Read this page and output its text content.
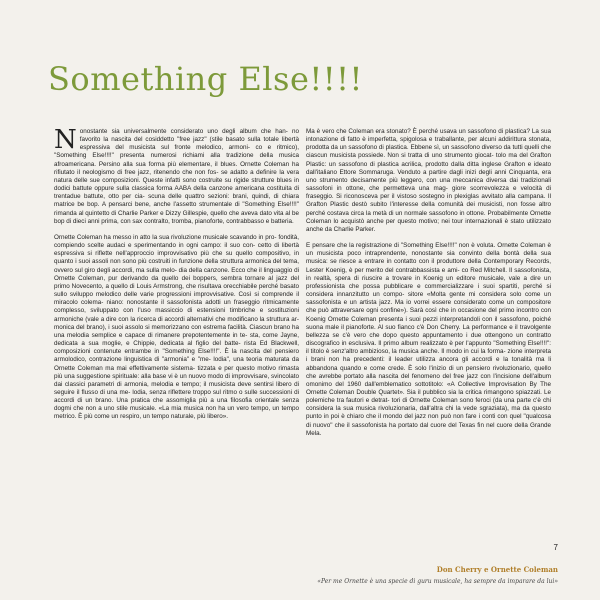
Something Else!!!!

Nonostante sia universalmente considerato uno degli album che han- no favorito la nascita del cosiddetto "free jazz" (stile basato sulla totale libertà espressiva del musicista sul fronte melodico, armoni- co e ritmico), "Something Else!!!!" presenta numerosi richiami alla tradizione della musica afroamericana. Persino alla sua forma più elementare, il blues. Ornette Coleman ha rifiutato il neologismo di free jazz, ritenendo che non fos- se adatto a definire la vera natura delle sue composizioni. Queste infatti sono costruite su rigide strutture blues in dodici battute oppure sulla classica forma AABA della canzone americana costituita di trentadue battute, otto per cia- scuna delle quattro sezioni: brani, quindi, di chiara matrice be bop. A pensarci bene, anche l'assetto strumentale di "Something Else!!!!" rimanda al quintetto di Charlie Parker e Dizzy Gillespie, quello che aveva dato vita al be bop di dieci anni prima, con sax contralto, tromba, pianoforte, contrabbasso e batteria.

Ornette Coleman ha messo in atto la sua rivoluzione musicale scavando in pro- fondità, compiendo scelte audaci e sperimentando in ogni campo: il suo con- cetto di libertà espressiva si riflette nell'approccio improvvisativo più che su quello compositivo, in quanto i suoi assoli non sono più costruiti in funzione della struttura armonica del tema, ovvero sul giro degli accordi, ma sulla melo- dia della canzone. Ecco che il linguaggio di Ornette Coleman, pur derivando da quello dei boppers, sembra tornare al jazz del primo Novecento, a quello di Louis Armstrong, che risultava orecchiabile perché basato sullo sviluppo melodico delle varie progressioni improvvisative. Così si comprende il miracolo colema- niano: nonostante il sassofonista adotti un fraseggio ritmicamente complesso, sviluppato con l'uso massiccio di estensioni timbriche e sostituzioni armoniche (vale a dire con la ricerca di accordi alternativi che modificano la struttura ar- monica del brano), i suoi assolo si memorizzano con estrema facilità. Ciascun brano ha una melodia semplice e capace di rimanere prepotentemente in te- sta, come Jayne, dedicata a sua moglie, e Chippie, dedicata al figlio del batte- rista Ed Blackwell, composizioni contenute entrambe in "Something Else!!!!". È la nascita del pensiero armolodico, contrazione linguistica di "armonia" e "me- lodia", una teoria maturata da Ornette Coleman ma mai effettivamente sistema- tizzata e per questo motivo rimasta più una suggestione spirituale: alla base vi è un nuovo modo di improvvisare, svincolato dai classici parametri di armonia, melodia e tempo; il musicista deve sentirsi libero di seguire il flusso di una me- lodia, senza riflettere troppo sul ritmo o sulle successioni di accordi di un brano. Una pratica che assomiglia più a una filosofia orientale senza dogmi che non a uno stile musicale. «La mia musica non ha un vero tempo, un tempo metrico. È più come un respiro, un tempo naturale, più libero».

Ma è vero che Coleman era stonato? È perché usava un sassofono di plastica? La sua intonazione di fatto è imperfetta, spigolosa e traballante, per alcuni addirittura stonata, prodotta da un sassofono di plastica. Ebbene sì, un sassofono diverso da tutti quelli che ciascun musicista possiede. Non si tratta di uno strumento giocat- tolo ma del Grafton Plastic: un sassofono di plastica acrilica, prodotto dalla ditta inglese Grafton e ideato dall'italiano Ettore Sommaruga. Venduto a partire dagli inizi degli anni Cinquanta, era uno strumento decisamente più leggero, con una meccanica diversa dai tradizionali sassofoni in ottone, che permetteva una mag- giore scorrevolezza e velocità di fraseggio. Si riconosceva per il vistoso sostegno in plexiglas avvitato alla campana. Il Grafton Plastic destò subito l'interesse della comunità dei musicisti, non fosse altro perché costava circa la metà di un normale sassofono in ottone. Probabilmente Ornette Coleman lo acquistò anche per questo motivo; nei tour internazionali è stato utilizzato anche da Charlie Parker.

E pensare che la registrazione di "Something Else!!!!" non è voluta. Ornette Coleman è un musicista poco intraprendente, nonostante sia convinto della bontà della sua musica: se riesce a entrare in contatto con il produttore della Contemporary Records, Lester Koenig, è per merito del contrabbassista e ami- co Red Mitchell. Il sassofonista, in realtà, spera di riuscire a trovare in Koenig un editore musicale, vale a dire un professionista che possa pubblicare e commercializzare i suoi spartiti, perché si considera innanzitutto un compo- sitore «Molta gente mi considera solo come un sassofonista e un artista jazz. Ma io vorrei essere considerato come un compositore che può attraversare ogni confine»). Sarà così che in occasione del primo incontro con Koenig Ornette Coleman presenta i suoi pezzi interpretandoli con il sassofono, poiché suona male il pianoforte. Al suo fianco c'è Don Cherry. La performance e il travolgente bellezza se c'è vero che dopo questo appuntamento i due ottengono un contratto discografico in esclusiva. Il primo album realizzato è per l'appunto "Something Else!!!!": il titolo è senz'altro ambizioso, la musica anche. Il modo in cui la forma- zione interpreta i brani non ha precedenti: il leader utilizza ancora gli accordi e la tonalità ma li abbandona quando e come crede. È solo l'inizio di un pensiero rivoluzionario, quello che avrebbe portato alla nascita del fenomeno del free jazz con l'incisione dell'album omonimo del 1960 dall'emblematico sottotitolo: «A Collective Improvisation By The Ornette Coleman Double Quartet». Sia il pubblico sia la critica rimangono spiazzati. Le polemiche tra fautori e detrat- tori di Ornette Coleman sono feroci (da una parte c'è chi considera la sua musica rivoluzionaria, dall'altra chi la vede sgraziata), ma da questo punto in poi è chiaro che il mondo del jazz non può non fare i conti con quel "qualcosa di nuovo" che il sassofonista ha portato dal cuore del Texas fin nel cuore della Grande Mela.

7
Don Cherry e Ornette Coleman
«Per me Ornette è una specie di guru musicale, ha sempre da imparare da lui»
